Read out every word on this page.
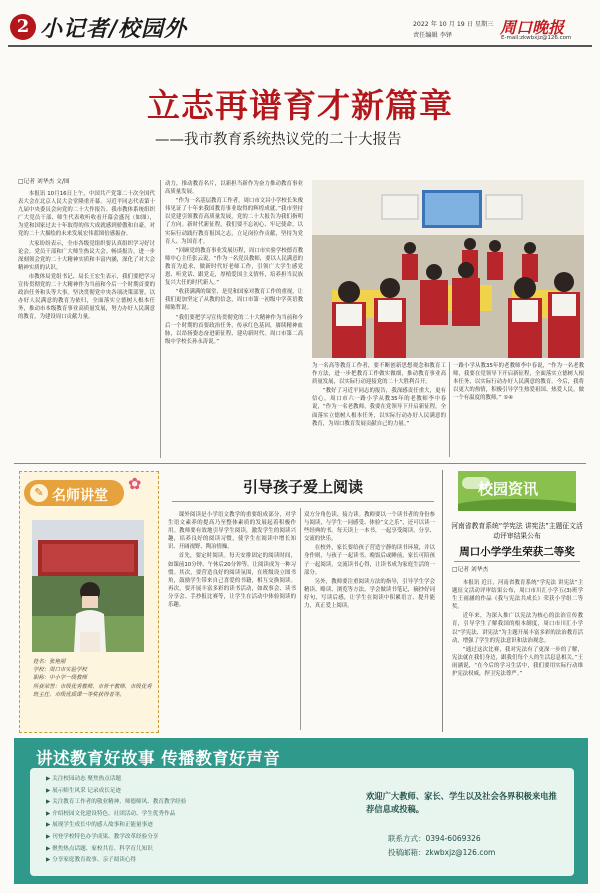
2 小记者/校园外	2022 年 10 月 19 日 星期三
责任编辑 李铎	周口晚报
E-mail:zkwbxjz@126.com
立志再谱育才新篇章
——我市教育系统热议党的二十大报告
□记者 刘华杰 文/图

本报讯 10月16日上午，中国共产党第二十次全国代表大会在北京人民大会堂隆重开幕。习近平同志代表第十九届中央委员会向党的二十大作报告。我市教体系统组织广大党员干部、师生代表收听收看开幕会盛况（如图），为党和国家过去十年取得的伟大成就感到骄傲和自豪，对党的二十大描绘的未来发展宏伟蓝图倍感振奋。

大家纷纷表示，全市各级党组织要认真组织学习好讨论会，党员干部和广大师生热议大会。畅谈报告，进一步深刻领会党的二十大精神实质和丰富内涵，深化了对大会精神实质的认识。

市教体局党组书记、局长王宏生表示，我们要把学习宣传贯彻党的二十大精神作为当前和今后一个时期首要的政治任务和头等大事。坚决贯彻党中央各项决策部署，以办好人民满意的教育为依归，全面落实立德树人根本任务，推动市本级教育事业高质量发展，努力办好人民满意的教育，为建设周口贡献力量。

动力，推动教育名片，以新担当新作为奋力推动教育事业高质量发展。

“作为一名基层教育工作者，周口市文昌小学校长朱俊伟见证了十年来我国教育事业取得的辉煌成就。”我市坚持以党建引领教育高质量发展，党的二十大报告为我们指明了方向。新时代新征程，我们要不忘初心、牢记使命，以实际行动践行教育报国之志，立足岗位作贡献，坚持为党育人、为国育才。

“回顾党的教育事业发展历程，周口市实验学校德育教师中心主任张云说，“作为一名党员教师，要以人民满意的教育为追求，做新时代好老师工作，引领广大学生感党恩、听党话、跟党走，厚植爱国主义情怀，培养担当民族复兴大任的时代新人。”

“收获满满的课堂，是党和国家对教育工作的重视，让我们更加坚定了从教的信念，周口市第一初级中学英语教师陈哲说。

“我们要把学习宣传贯彻党的二十大精神作为当前和今后一个时期的首要政治任务，传承红色基因，赓续精神血脉，以昂扬姿态奋进新征程、建功新时代。周口市第二高级中学校长孙永涛说。”

为一名高等教育工作者，要不断创新思想观念和教育工作方法，进一步把教育工作做实做细，推动教育事业高质量发展，以实际行动迎接党的二十大胜利召开。

“教好了习近平同志的报告，我深感责任重大，更有信心，周口市六一路小学从教35年的老教师李中春说，“作为一名老教师，我要在党领导下开启新征程，全面落实立德树人根本任务，以实际行动办好人民满意的教育，为周口教育发展贡献自己的力量。”

一路小学从教35年的老教师李中春说，“作为一名老教师，我要在党领导下开启新征程，全面落实立德树人根本任务，以实际行动办好人民满意的教育。今后，我将以更大的热情，积极引导学生热爱祖国、热爱人民，做一个有温度的教师。” ①④

✎ 名师讲堂
✿
姓名：张艳丽
学校：周口市实验学校
职称：中小学一级教师
所获荣誉：市级优秀教师、市骨干教师、市级优秀班主任、市级优质课一等奖获得者等。
引导孩子爱上阅读

课外阅读是小学语文教学的重要组成部分，对学生语文素养的提高乃至整体素质的发展起着积极作用。教师要有效地引导学生阅读，激发学生的阅读兴趣，培养良好的阅读习惯，使学生在阅读中增长知识、开阔视野、陶冶情操。

首先，要定时阅读。每天安排固定的阅读时间，如课前10分钟、午休后20分钟等，让阅读成为一种习惯。其次，要营造良好的阅读氛围，在班级设立图书角，鼓励学生带来自己喜爱的书籍，相互交换阅读。再次，要开展丰富多彩的读书活动，如故事会、读书分享会、手抄报比赛等，让学生在活动中体验阅读的乐趣。

双方分角色读、接力读。教师要以一个读书者的身份参与阅读，与学生一同感受、体验“文之乐”，还可以读一些经典的书。每天读上一本书，一起享受阅读、分享、交流的快乐。

在校外，家长要给孩子营造宁静的读书环境，并以身作则，与孩子一起读书。晚饭后或睡前，家长可陪孩子一起阅读，交流读书心得，让读书成为家庭生活的一部分。

另外，教师要注重阅读方法的指导，引导学生学会精读、略读、浏览等方法，学会做读书笔记，摘抄好词好句，写读后感，让学生在阅读中积累语言、提升能力，真正爱上阅读。

校园资讯
河南省教育系统“学宪法 讲宪法”主题征文活动评审结果公布
周口小学学生荣获二等奖
□记者 刘华杰

本报讯 近日，河南省教育系统“学宪法 讲宪法”主题征文活动评审结果公布，周口市川汇小学五(3)班学生王雨涵的作品《我与宪法共成长》荣获小学组二等奖。

近年来，为深入推广以宪法为核心的法治宣传教育，引导学生了解我国的根本制度，周口市川汇小学以“学宪法、讲宪法”为主题开展丰富多彩的法治教育活动，增强了学生的宪法意识和法治观念。

“通过这次比赛，我对宪法有了更深一步的了解，宪法就在我们身边，跟我们每个人的生活息息相关。”王雨涵说，“在今后的学习生活中，我们要用实际行动维护宪法权威，捍卫宪法尊严。”

讲述教育好故事 传播教育好声音
▶ 关注校园动态 聚焦热点话题
▶ 展示师生风采 记录成长足迹
▶ 关注教育工作者的敬业精神、师德师风、教育教学经验
▶ 介绍校园文化建设特色、社团活动、学生优秀作品
▶ 展现学生成长中的感人故事和正能量事迹
▶ 刊登学校特色办学成果、教学改革经验分享
▶ 聚焦热点话题、家校共育、科学育儿知识
▶ 分享家庭教育故事、亲子阅读心得
欢迎广大教师、家长、学生以及社会各界积极来电推荐信息或投稿。
联系方式：0394-6069326
投稿邮箱：zkwbxjz@126.com
